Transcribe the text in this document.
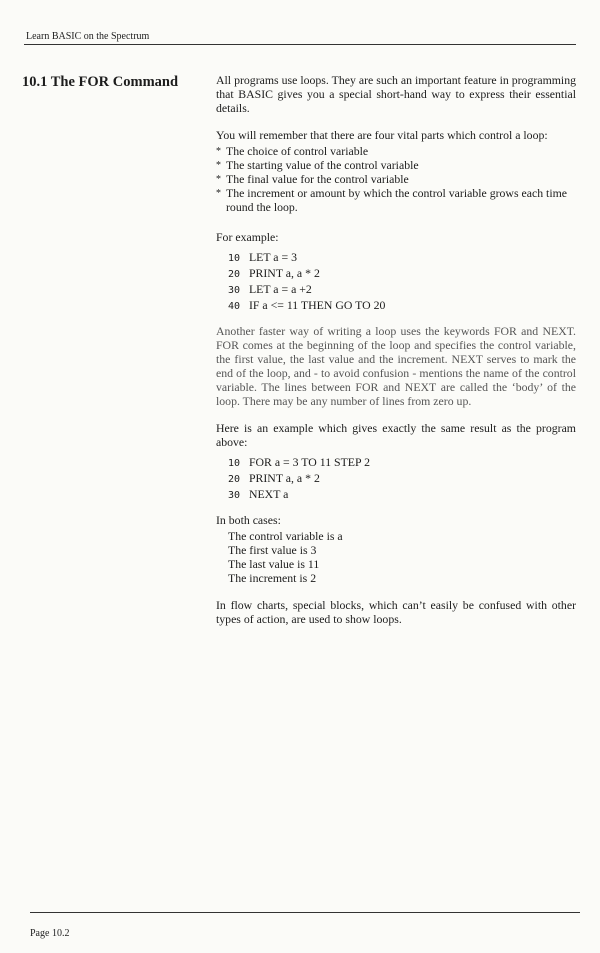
Learn BASIC on the Spectrum
10.1 The FOR Command	All programs use loops. They are such an important feature in programming that BASIC gives you a special short-hand way to express their essential details.

You will remember that there are four vital parts which control a loop:

* The choice of control variable
* The starting value of the control variable
* The final value for the control variable
* The increment or amount by which the control variable grows each time round the loop.

For example:

10 LET a = 3
20 PRINT a, a * 2
30 LET a = a +2
40 IF a <= 11 THEN GO TO 20

Another faster way of writing a loop uses the keywords FOR and NEXT. FOR comes at the beginning of the loop and specifies the control variable, the first value, the last value and the increment. NEXT serves to mark the end of the loop, and - to avoid confusion - mentions the name of the control variable. The lines between FOR and NEXT are called the ‘body’ of the loop. There may be any number of lines from zero up.

Here is an example which gives exactly the same result as the program above:

10 FOR a = 3 TO 11 STEP 2
20 PRINT a, a * 2
30 NEXT a

In both cases:

The control variable is a
The first value is 3
The last value is 11
The increment is 2

In flow charts, special blocks, which can’t easily be confused with other types of action, are used to show loops.

Page 10.2
